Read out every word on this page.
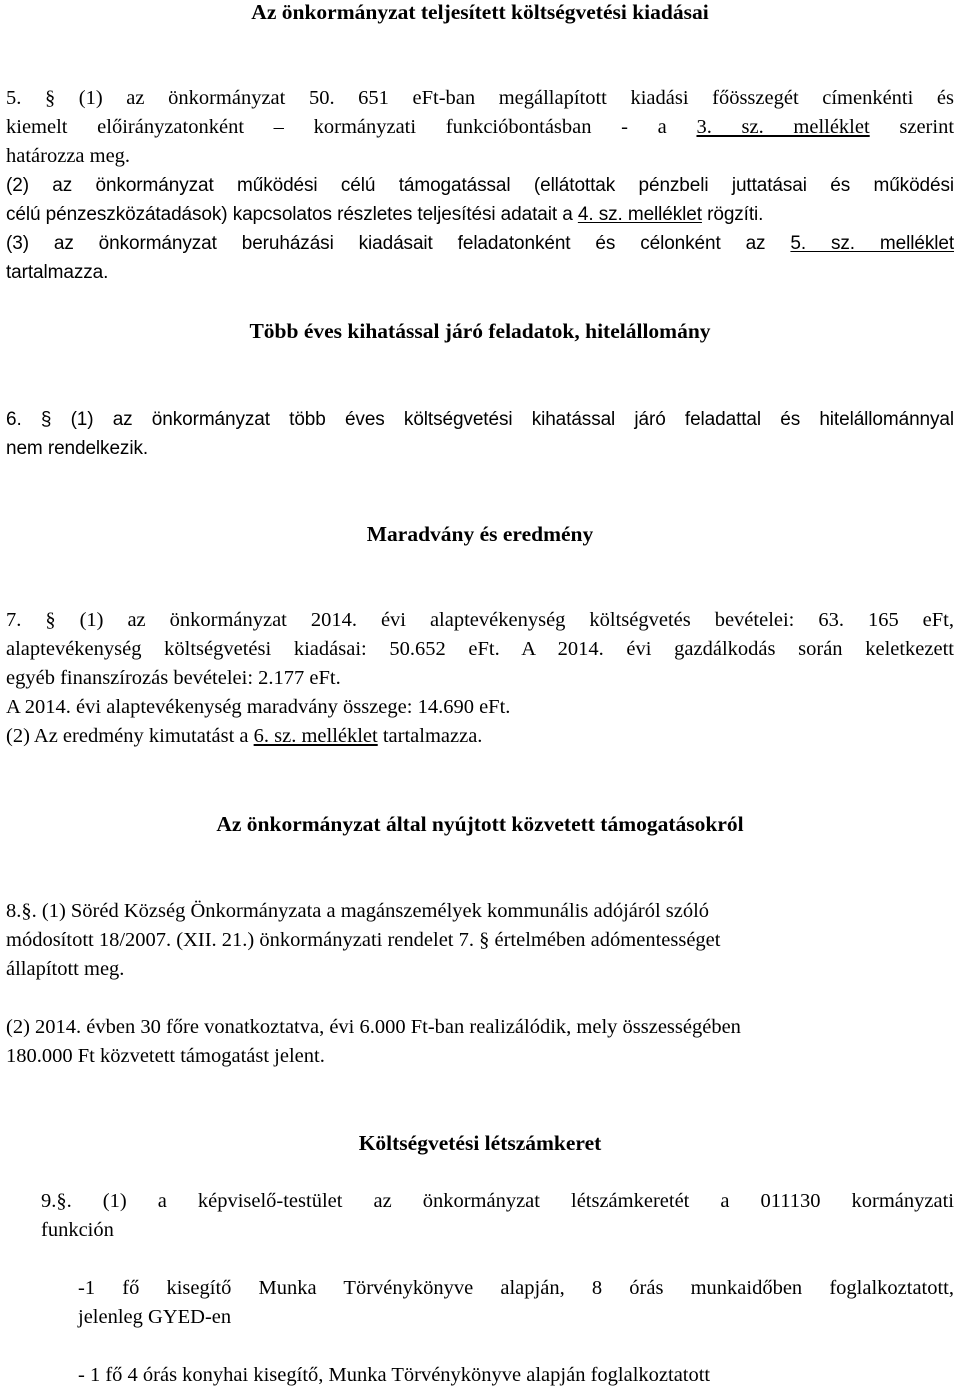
Az önkormányzat teljesített költségvetési kiadásai
5. § (1) az önkormányzat 50. 651 eFt-ban megállapított kiadási főösszegét címenkénti és
kiemelt előirányzatonként – kormányzati funkcióbontásban - a 3. sz. melléklet szerint
határozza meg.
(2) az önkormányzat működési célú támogatással (ellátottak pénzbeli juttatásai és működési
célú pénzeszközátadások) kapcsolatos részletes teljesítési adatait a 4. sz. melléklet rögzíti.
(3) az önkormányzat beruházási kiadásait feladatonként és célonként az 5. sz. melléklet
tartalmazza.
Több éves kihatással járó feladatok, hitelállomány
6. § (1) az önkormányzat több éves költségvetési kihatással járó feladattal és hitelállománnyal
nem rendelkezik.
Maradvány és eredmény
7. § (1) az önkormányzat 2014. évi alaptevékenység költségvetés bevételei: 63. 165 eFt,
alaptevékenység költségvetési kiadásai: 50.652 eFt. A 2014. évi gazdálkodás során keletkezett
egyéb finanszírozás bevételei: 2.177 eFt.
A 2014. évi alaptevékenység maradvány összege: 14.690 eFt.
(2) Az eredmény kimutatást a 6. sz. melléklet tartalmazza.
Az önkormányzat által nyújtott közvetett támogatásokról
8.§. (1) Söréd Község Önkormányzata a magánszemélyek kommunális adójáról szóló
módosított 18/2007. (XII. 21.) önkormányzati rendelet 7. § értelmében adómentességet
állapított meg.
(2) 2014. évben 30 főre vonatkoztatva, évi 6.000 Ft-ban realizálódik, mely összességében
180.000 Ft közvetett támogatást jelent.
Költségvetési létszámkeret
9.§. (1) a képviselő-testület az önkormányzat létszámkeretét a 011130 kormányzati
funkción
-1 fő kisegítő Munka Törvénykönyve alapján, 8 órás munkaidőben foglalkoztatott,
jelenleg GYED-en
- 1 fő 4 órás konyhai kisegítő, Munka Törvénykönyve alapján foglalkoztatott
